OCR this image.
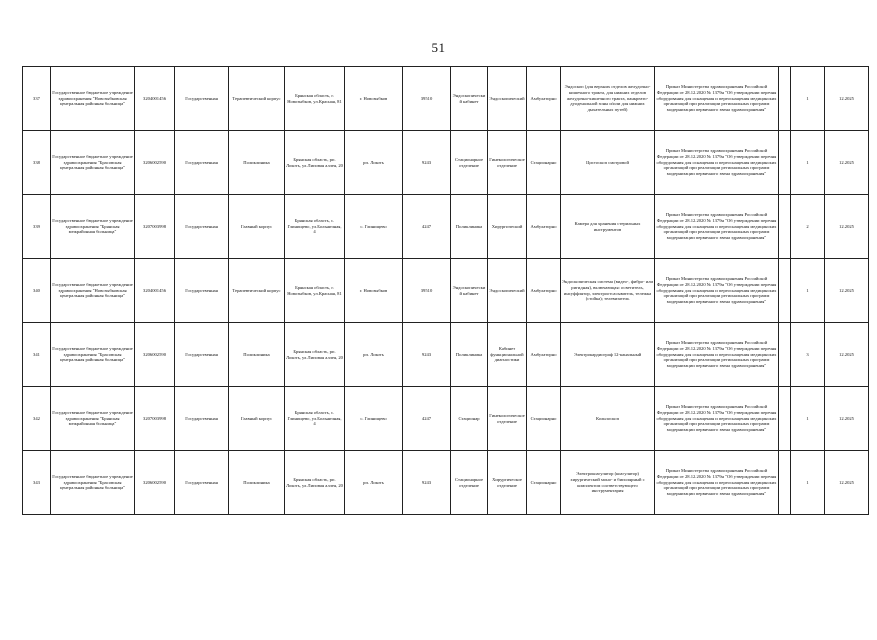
51
337	Государственное бюджетное учреждение здравоохранения "Новозыбковская центральная районная больница"	3204001456	Государственная	Терапевтический корпус	Брянская область, г. Новозыбков, ул.Красная, 81	г. Новозыбков	39510	Эндоскопический кабинет	Эндоскопический	Амбулаторно	Эндоскоп (для верхних отделов желудочно-кишечного тракта, для нижних отделов желудочно-кишечного тракта, панкреато-дуоденальной зоны и/или для нижних дыхательных путей)	Приказ Министерства здравоохранения Российской Федерации от 28.12.2020 № 1379н "Об утверждении перечня оборудования для оснащения и переоснащения медицинских организаций при реализации региональных программ модернизации первичного звена здравоохранения"		1	12.2025
338	Государственное бюджетное учреждение здравоохранения "Брасовская центральная районная больница"	3206002590	Государственная	Поликлиника	Брянская область, рп. Локоть, ул.Липовая аллея, 20	рп. Локоть	9243	Стационарное отделение	Гинекологическое отделение	Стационарно	Цистоскоп смотровой	Приказ Министерства здравоохранения Российской Федерации от 28.12.2020 № 1379н "Об утверждении перечня оборудования для оснащения и переоснащения медицинских организаций при реализации региональных программ модернизации первичного звена здравоохранения"		1	12.2025
339	Государственное бюджетное учреждение здравоохранения "Брянская межрайонная больница"	3207003998	Государственная	Главный корпус	Брянская область, с. Глинищево, ул.Больничная, 4	с. Глинищево	4247	Поликлиника	Хирургический	Амбулаторно	Камера для хранения стерильных инструментов	Приказ Министерства здравоохранения Российской Федерации от 28.12.2020 № 1379н "Об утверждении перечня оборудования для оснащения и переоснащения медицинских организаций при реализации региональных программ модернизации первичного звена здравоохранения"		2	12.2025
340	Государственное бюджетное учреждение здравоохранения "Новозыбковская центральная районная больница"	3204001456	Государственная	Терапевтический корпус	Брянская область, г. Новозыбков, ул.Красная, 81	г. Новозыбков	39510	Эндоскопический кабинет	Эндоскопический	Амбулаторно	Эндоскопическая система (видео-, фибро- или ригидная), включающая: осветитель, инсуффлятор, электроотсасыватель, тележка (стойка); телевизатель	Приказ Министерства здравоохранения Российской Федерации от 28.12.2020 № 1379н "Об утверждении перечня оборудования для оснащения и переоснащения медицинских организаций при реализации региональных программ модернизации первичного звена здравоохранения"		1	12.2025
341	Государственное бюджетное учреждение здравоохранения "Брасовская центральная районная больница"	3206002590	Государственная	Поликлиника	Брянская область, рп. Локоть, ул.Липовая аллея, 20	рп. Локоть	9243	Поликлиника	Кабинет функциональной диагностики	Амбулаторно	Электрокардиограф 12-канальный	Приказ Министерства здравоохранения Российской Федерации от 28.12.2020 № 1379н "Об утверждении перечня оборудования для оснащения и переоснащения медицинских организаций при реализации региональных программ модернизации первичного звена здравоохранения"		3	12.2025
342	Государственное бюджетное учреждение здравоохранения "Брянская межрайонная больница"	3207003998	Государственная	Главный корпус	Брянская область, с. Глинищево, ул.Больничная, 4	с. Глинищево	4247	Стационар	Гинекологическое отделение	Стационарно	Кольпоскоп	Приказ Министерства здравоохранения Российской Федерации от 28.12.2020 № 1379н "Об утверждении перечня оборудования для оснащения и переоснащения медицинских организаций при реализации региональных программ модернизации первичного звена здравоохранения"		1	12.2025
343	Государственное бюджетное учреждение здравоохранения "Брасовская центральная районная больница"	3206002590	Государственная	Поликлиника	Брянская область, рп. Локоть, ул.Липовая аллея, 20	рп. Локоть	9243	Стационарное отделение	Хирургическое отделение	Стационарно	Электрокоагулятор (коагулятор) хирургический моно- и биполярный с комплектом соответствующего инструментария	Приказ Министерства здравоохранения Российской Федерации от 28.12.2020 № 1379н "Об утверждении перечня оборудования для оснащения и переоснащения медицинских организаций при реализации региональных программ модернизации первичного звена здравоохранения"		1	12.2025
